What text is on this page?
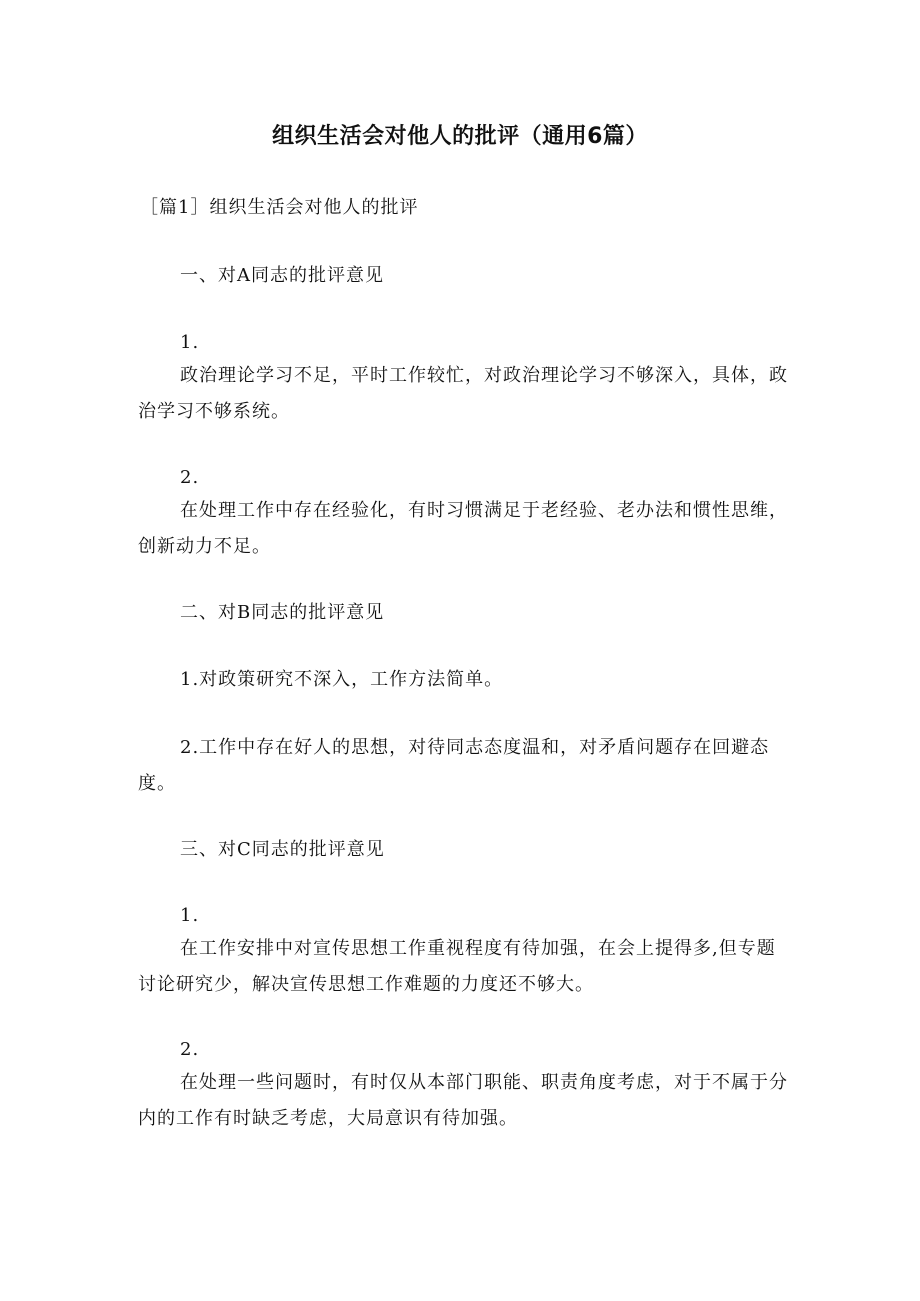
组织生活会对他人的批评（通用6篇）
［篇1］组织生活会对他人的批评
一、对A同志的批评意见
1.
政治理论学习不足，平时工作较忙，对政治理论学习不够深入，具体，政治学习不够系统。
2.
在处理工作中存在经验化，有时习惯满足于老经验、老办法和惯性思维，创新动力不足。
二、对B同志的批评意见
1.对政策研究不深入，工作方法简单。
2.工作中存在好人的思想，对待同志态度温和，对矛盾问题存在回避态度。
三、对C同志的批评意见
1.
在工作安排中对宣传思想工作重视程度有待加强，在会上提得多,但专题讨论研究少，解决宣传思想工作难题的力度还不够大。
2.
在处理一些问题时，有时仅从本部门职能、职责角度考虑，对于不属于分内的工作有时缺乏考虑，大局意识有待加强。
